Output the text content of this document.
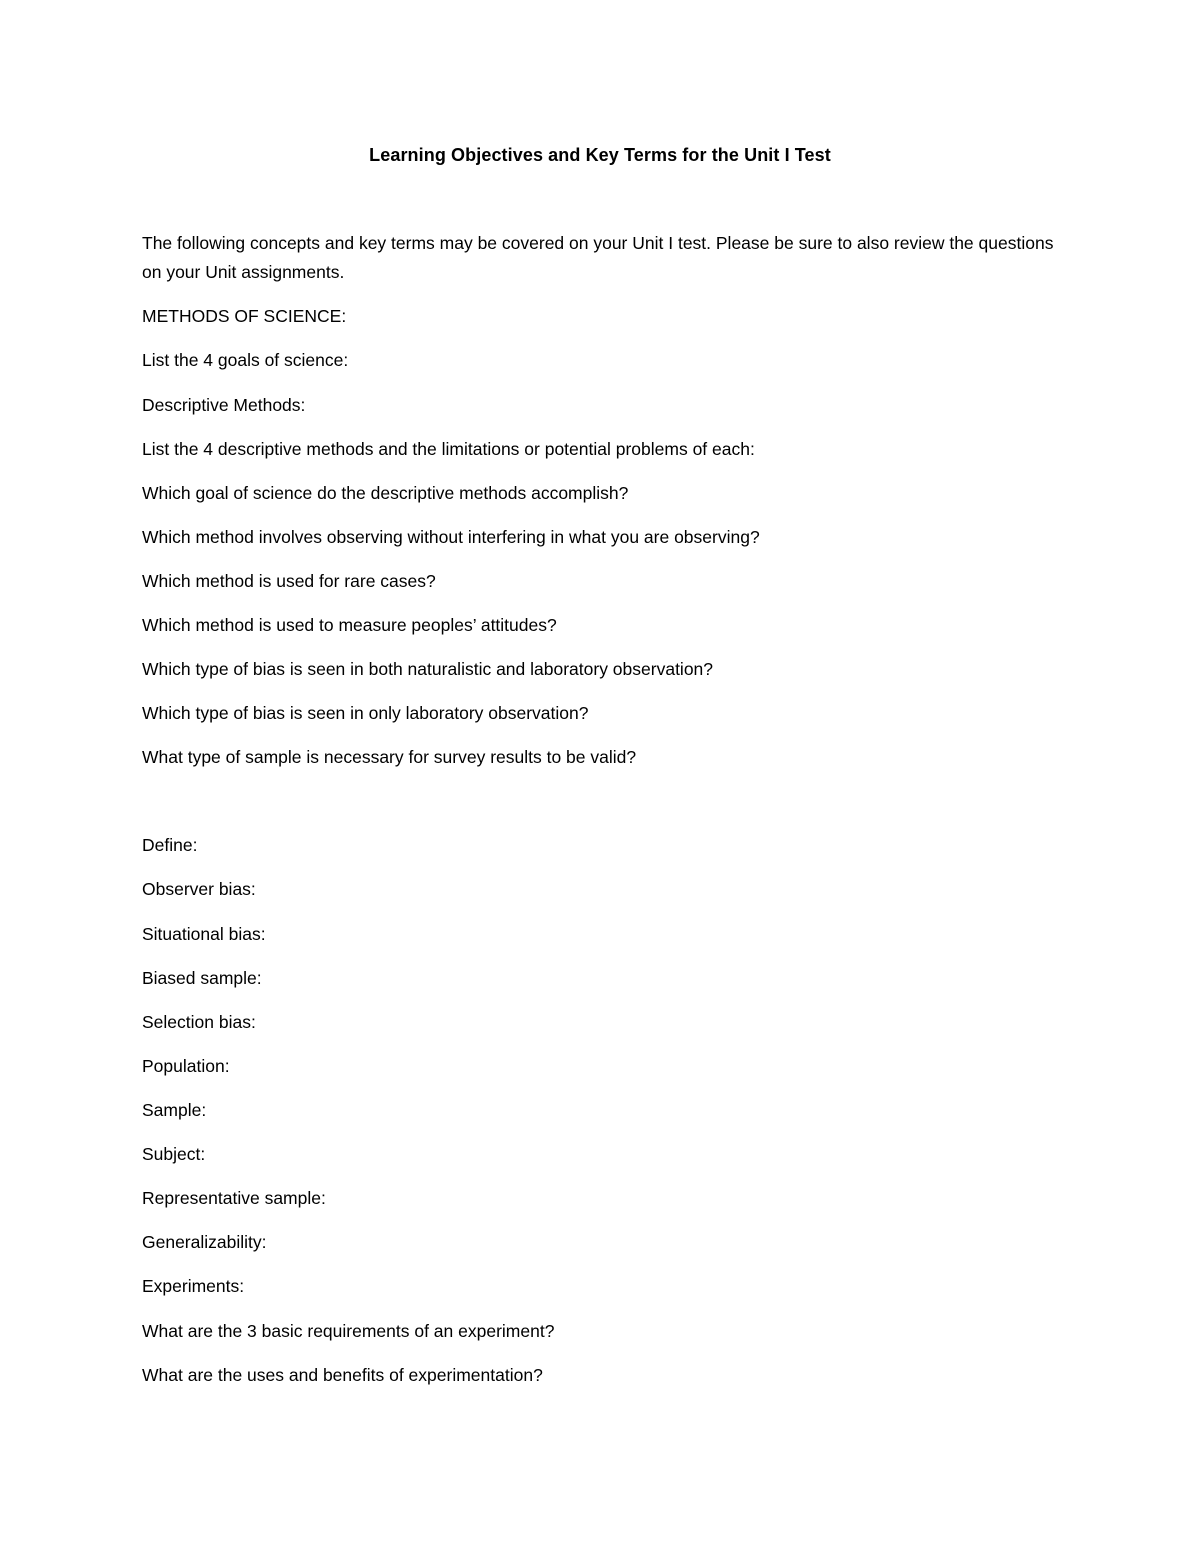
Learning Objectives and Key Terms for the Unit I Test
The following concepts and key terms may be covered on your Unit I test. Please be sure to also review the questions on your Unit assignments.
METHODS OF SCIENCE:
List the 4 goals of science:
Descriptive Methods:
List the 4 descriptive methods and the limitations or potential problems of each:
Which goal of science do the descriptive methods accomplish?
Which method involves observing without interfering in what you are observing?
Which method is used for rare cases?
Which method is used to measure peoples’ attitudes?
Which type of bias is seen in both naturalistic and laboratory observation?
Which type of bias is seen in only laboratory observation?
What type of sample is necessary for survey results to be valid?
Define:
Observer bias:
Situational bias:
Biased sample:
Selection bias:
Population:
Sample:
Subject:
Representative sample:
Generalizability:
Experiments:
What are the 3 basic requirements of an experiment?
What are the uses and benefits of experimentation?
